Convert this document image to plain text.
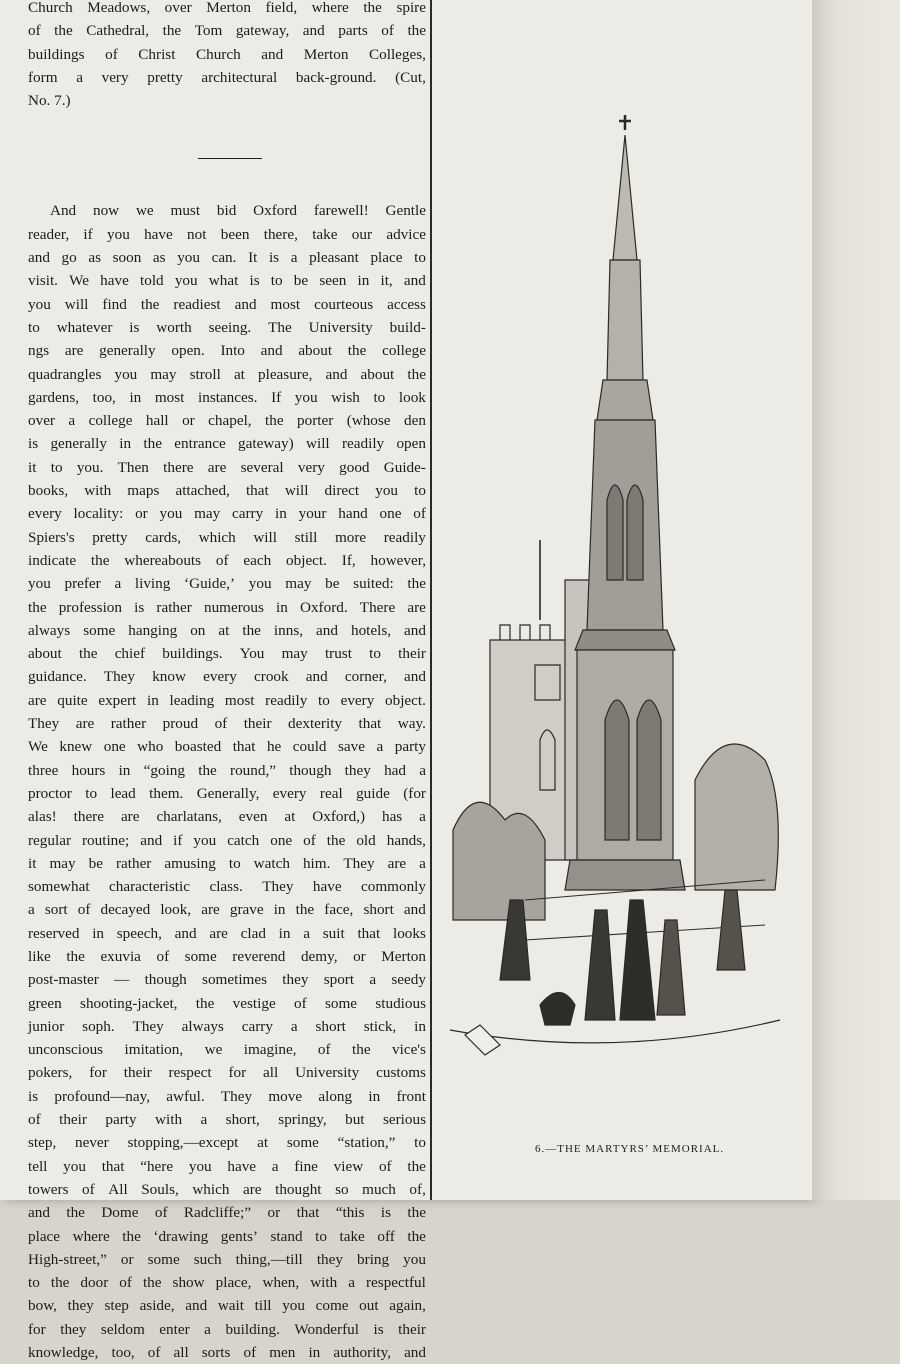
Church Meadows, over Merton field, where the spire
of the Cathedral, the Tom gateway, and parts of the
buildings of Christ Church and Merton Colleges,
form a very pretty architectural back-ground. (Cut,
No. 7.)
And now we must bid Oxford farewell! Gentle
reader, if you have not been there, take our advice
and go as soon as you can. It is a pleasant place to
visit. We have told you what is to be seen in it, and
you will find the readiest and most courteous access
to whatever is worth seeing. The University build-
ngs are generally open. Into and about the college
quadrangles you may stroll at pleasure, and about the
gardens, too, in most instances. If you wish to look
over a college hall or chapel, the porter (whose den
is generally in the entrance gateway) will readily open
it to you. Then there are several very good Guide-
books, with maps attached, that will direct you to
every locality: or you may carry in your hand one of
Spiers's pretty cards, which will still more readily
indicate the whereabouts of each object. If, however,
you prefer a living ‘Guide,’ you may be suited: the
the profession is rather numerous in Oxford. There are
always some hanging on at the inns, and hotels, and
about the chief buildings. You may trust to their
guidance. They know every crook and corner, and
are quite expert in leading most readily to every object.
They are rather proud of their dexterity that way.
We knew one who boasted that he could save a party
three hours in “going the round,” though they had a
proctor to lead them. Generally, every real guide (for
alas! there are charlatans, even at Oxford,) has a
regular routine; and if you catch one of the old hands,
it may be rather amusing to watch him. They are a
somewhat characteristic class. They have commonly
a sort of decayed look, are grave in the face, short and
reserved in speech, and are clad in a suit that looks
like the exuvia of some reverend demy, or Merton
post-master — though sometimes they sport a seedy
green shooting-jacket, the vestige of some studious
junior soph. They always carry a short stick, in
unconscious imitation, we imagine, of the vice's
pokers, for their respect for all University customs
is profound—nay, awful. They move along in front
of their party with a short, springy, but serious
step, never stopping,—except at some “station,” to
tell you that “here you have a fine view of the
towers of All Souls, which are thought so much of,
and the Dome of Radcliffe;” or that “this is the
place where the ‘drawing gents’ stand to take off the
High-street,” or some such thing,—till they bring you
to the door of the show place, when, with a respectful
bow, they step aside, and wait till you come out again,
for they seldom enter a building. Wonderful is their
knowledge, too, of all sorts of men in authority, and
6.—THE MARTYRS’ MEMORIAL.
